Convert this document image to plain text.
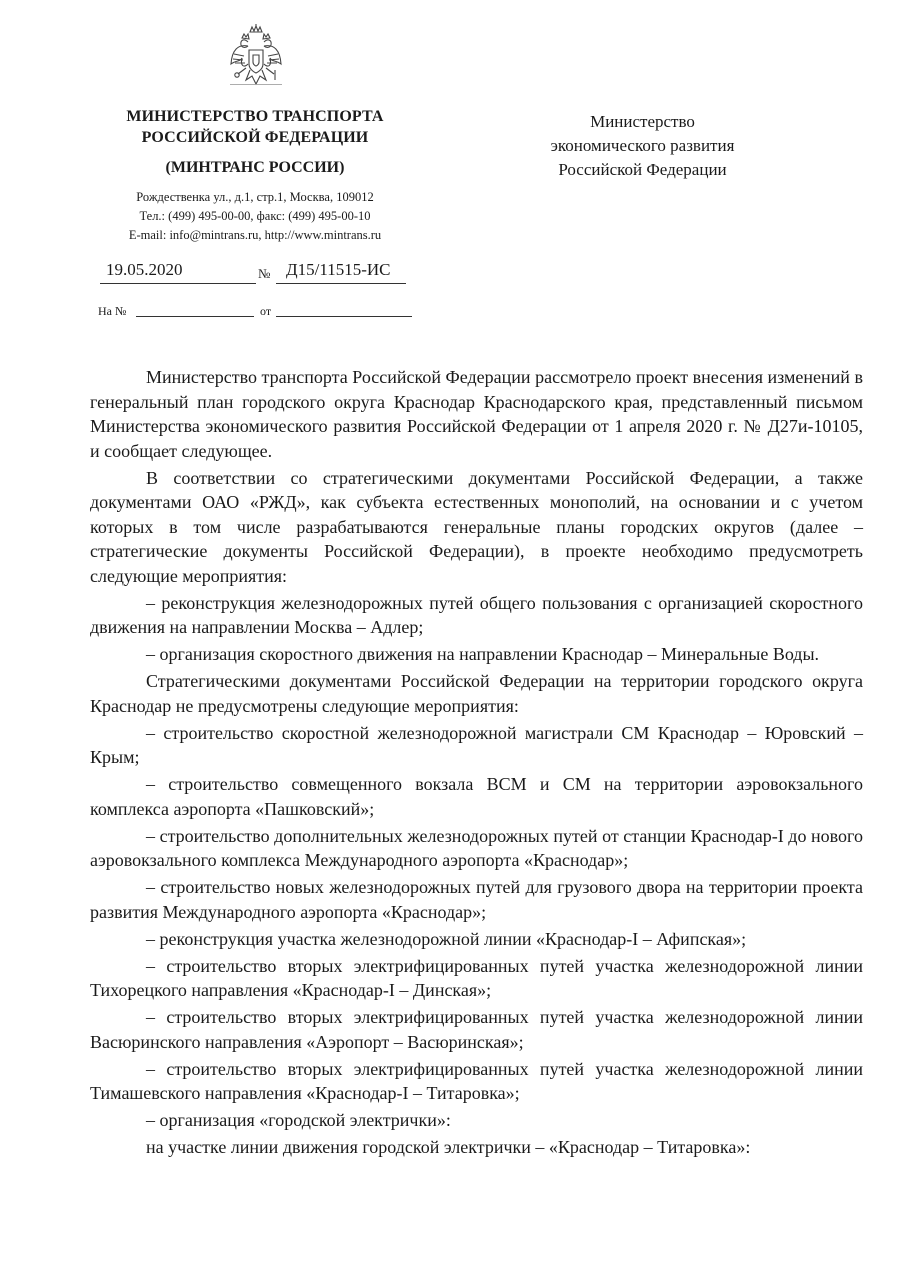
МИНИСТЕРСТВО ТРАНСПОРТА
РОССИЙСКОЙ ФЕДЕРАЦИИ
(МИНТРАНС РОССИИ)
Рождественка ул., д.1, стр.1, Москва, 109012
Тел.: (499) 495-00-00, факс: (499) 495-00-10
E-mail: info@mintrans.ru, http://www.mintrans.ru
Министерство
экономического развития
Российской Федерации
19.05.2020	№ Д15/11515-ИС
На №	от

Министерство транспорта Российской Федерации рассмотрело проект внесения изменений в генеральный план городского округа Краснодар Краснодарского края, представленный письмом Министерства экономического развития Российской Федерации от 1 апреля 2020 г. № Д27и-10105, и сообщает следующее.

В соответствии со стратегическими документами Российской Федерации, а также документами ОАО «РЖД», как субъекта естественных монополий, на основании и с учетом которых в том числе разрабатываются генеральные планы городских округов (далее – стратегические документы Российской Федерации), в проекте необходимо предусмотреть следующие мероприятия:

– реконструкция железнодорожных путей общего пользования с организацией скоростного движения на направлении Москва – Адлер;

– организация скоростного движения на направлении Краснодар – Минеральные Воды.

Стратегическими документами Российской Федерации на территории городского округа Краснодар не предусмотрены следующие мероприятия:

– строительство скоростной железнодорожной магистрали СМ Краснодар – Юровский – Крым;

– строительство совмещенного вокзала ВСМ и СМ на территории аэровокзального комплекса аэропорта «Пашковский»;

– строительство дополнительных железнодорожных путей от станции Краснодар-I до нового аэровокзального комплекса Международного аэропорта «Краснодар»;

– строительство новых железнодорожных путей для грузового двора на территории проекта развития Международного аэропорта «Краснодар»;

– реконструкция участка железнодорожной линии «Краснодар-I – Афипская»;

– строительство вторых электрифицированных путей участка железнодорожной линии Тихорецкого направления «Краснодар-I – Динская»;

– строительство вторых электрифицированных путей участка железнодорожной линии Васюринского направления «Аэропорт – Васюринская»;

– строительство вторых электрифицированных путей участка железнодорожной линии Тимашевского направления «Краснодар-I – Титаровка»;

– организация «городской электрички»:

на участке линии движения городской электрички – «Краснодар – Титаровка»:
